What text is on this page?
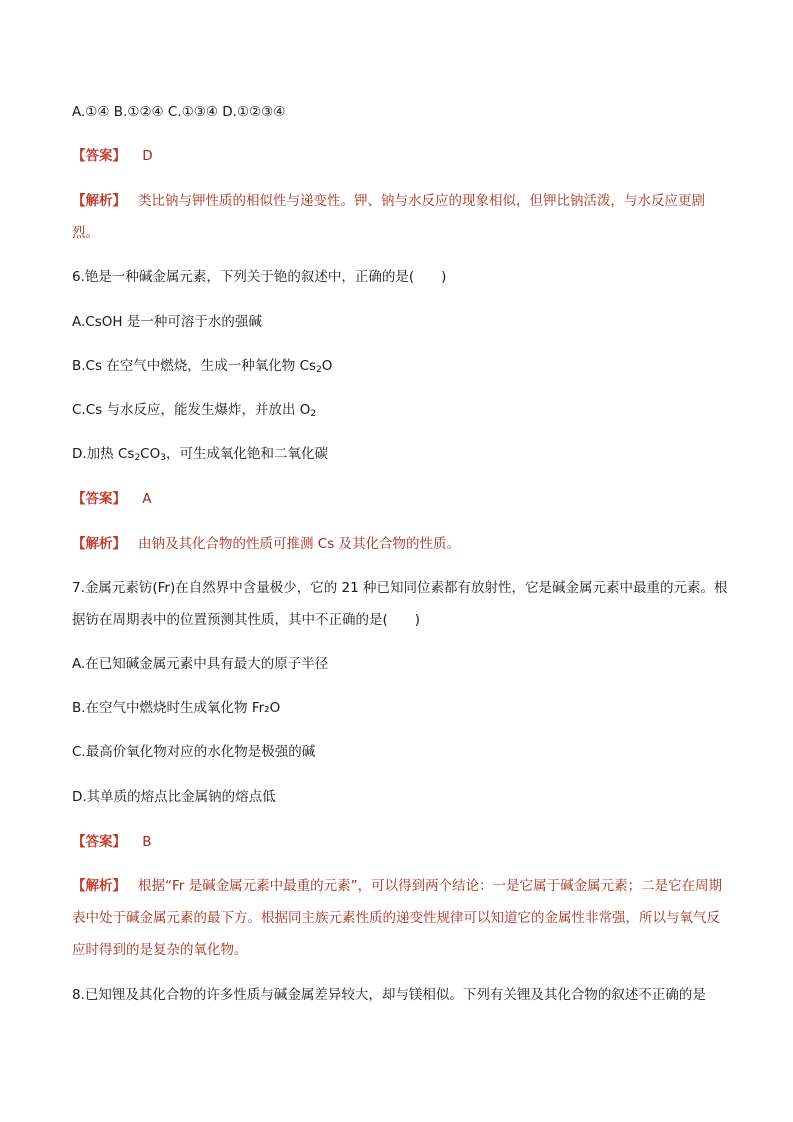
A.①④ B.①②④ C.①③④ D.①②③④
【答案】 D
【解析】 类比钠与钾性质的相似性与递变性。钾、钠与水反应的现象相似，但钾比钠活泼，与水反应更剧烈。
6.铯是一种碱金属元素，下列关于铯的叙述中，正确的是(　　)
A.CsOH 是一种可溶于水的强碱
B.Cs 在空气中燃烧，生成一种氧化物 $Cs_2O$
C.Cs 与水反应，能发生爆炸，并放出 $O_2$
D.加热 $Cs_2CO_3$，可生成氧化铯和二氧化碳
【答案】 A
【解析】 由钠及其化合物的性质可推测 Cs 及其化合物的性质。
7.金属元素钫(Fr)在自然界中含量极少，它的 21 种已知同位素都有放射性，它是碱金属元素中最重的元素。根据钫在周期表中的位置预测其性质，其中不正确的是(　　)
A.在已知碱金属元素中具有最大的原子半径
B.在空气中燃烧时生成氧化物 Fr₂O
C.最高价氧化物对应的水化物是极强的碱
D.其单质的熔点比金属钠的熔点低
【答案】 B
【解析】 根据“Fr 是碱金属元素中最重的元素”，可以得到两个结论：一是它属于碱金属元素；二是它在周期表中处于碱金属元素的最下方。根据同主族元素性质的递变性规律可以知道它的金属性非常强，所以与氧气反应时得到的是复杂的氧化物。
8.已知锂及其化合物的许多性质与碱金属差异较大，却与镁相似。下列有关锂及其化合物的叙述不正确的是
